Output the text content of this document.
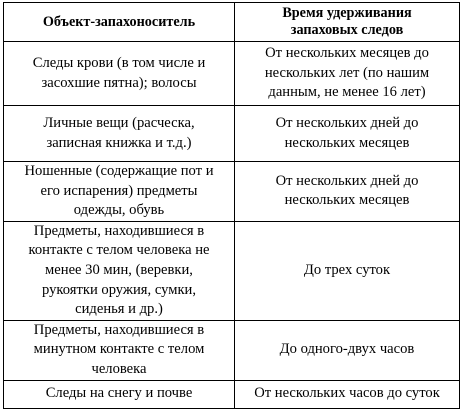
Объект-запахоноситель	Время удерживания
запаховых следов

Следы крови (в том числе и
засохшие пятна); волосы	От нескольких месяцев до
нескольких лет (по нашим
данным, не менее 16 лет)

Личные вещи (расческа,
записная книжка и т.д.)	От нескольких дней до
нескольких месяцев

Ношенные (содержащие пот и
его испарения) предметы
одежды, обувь	От нескольких дней до
нескольких месяцев

Предметы, находившиеся в
контакте с телом человека не
менее 30 мин, (веревки,
рукоятки оружия, сумки,
сиденья и др.)	До трех суток

Предметы, находившиеся в
минутном контакте с телом
человека	До одного-двух часов

Следы на снегу и почве	От нескольких часов до суток
